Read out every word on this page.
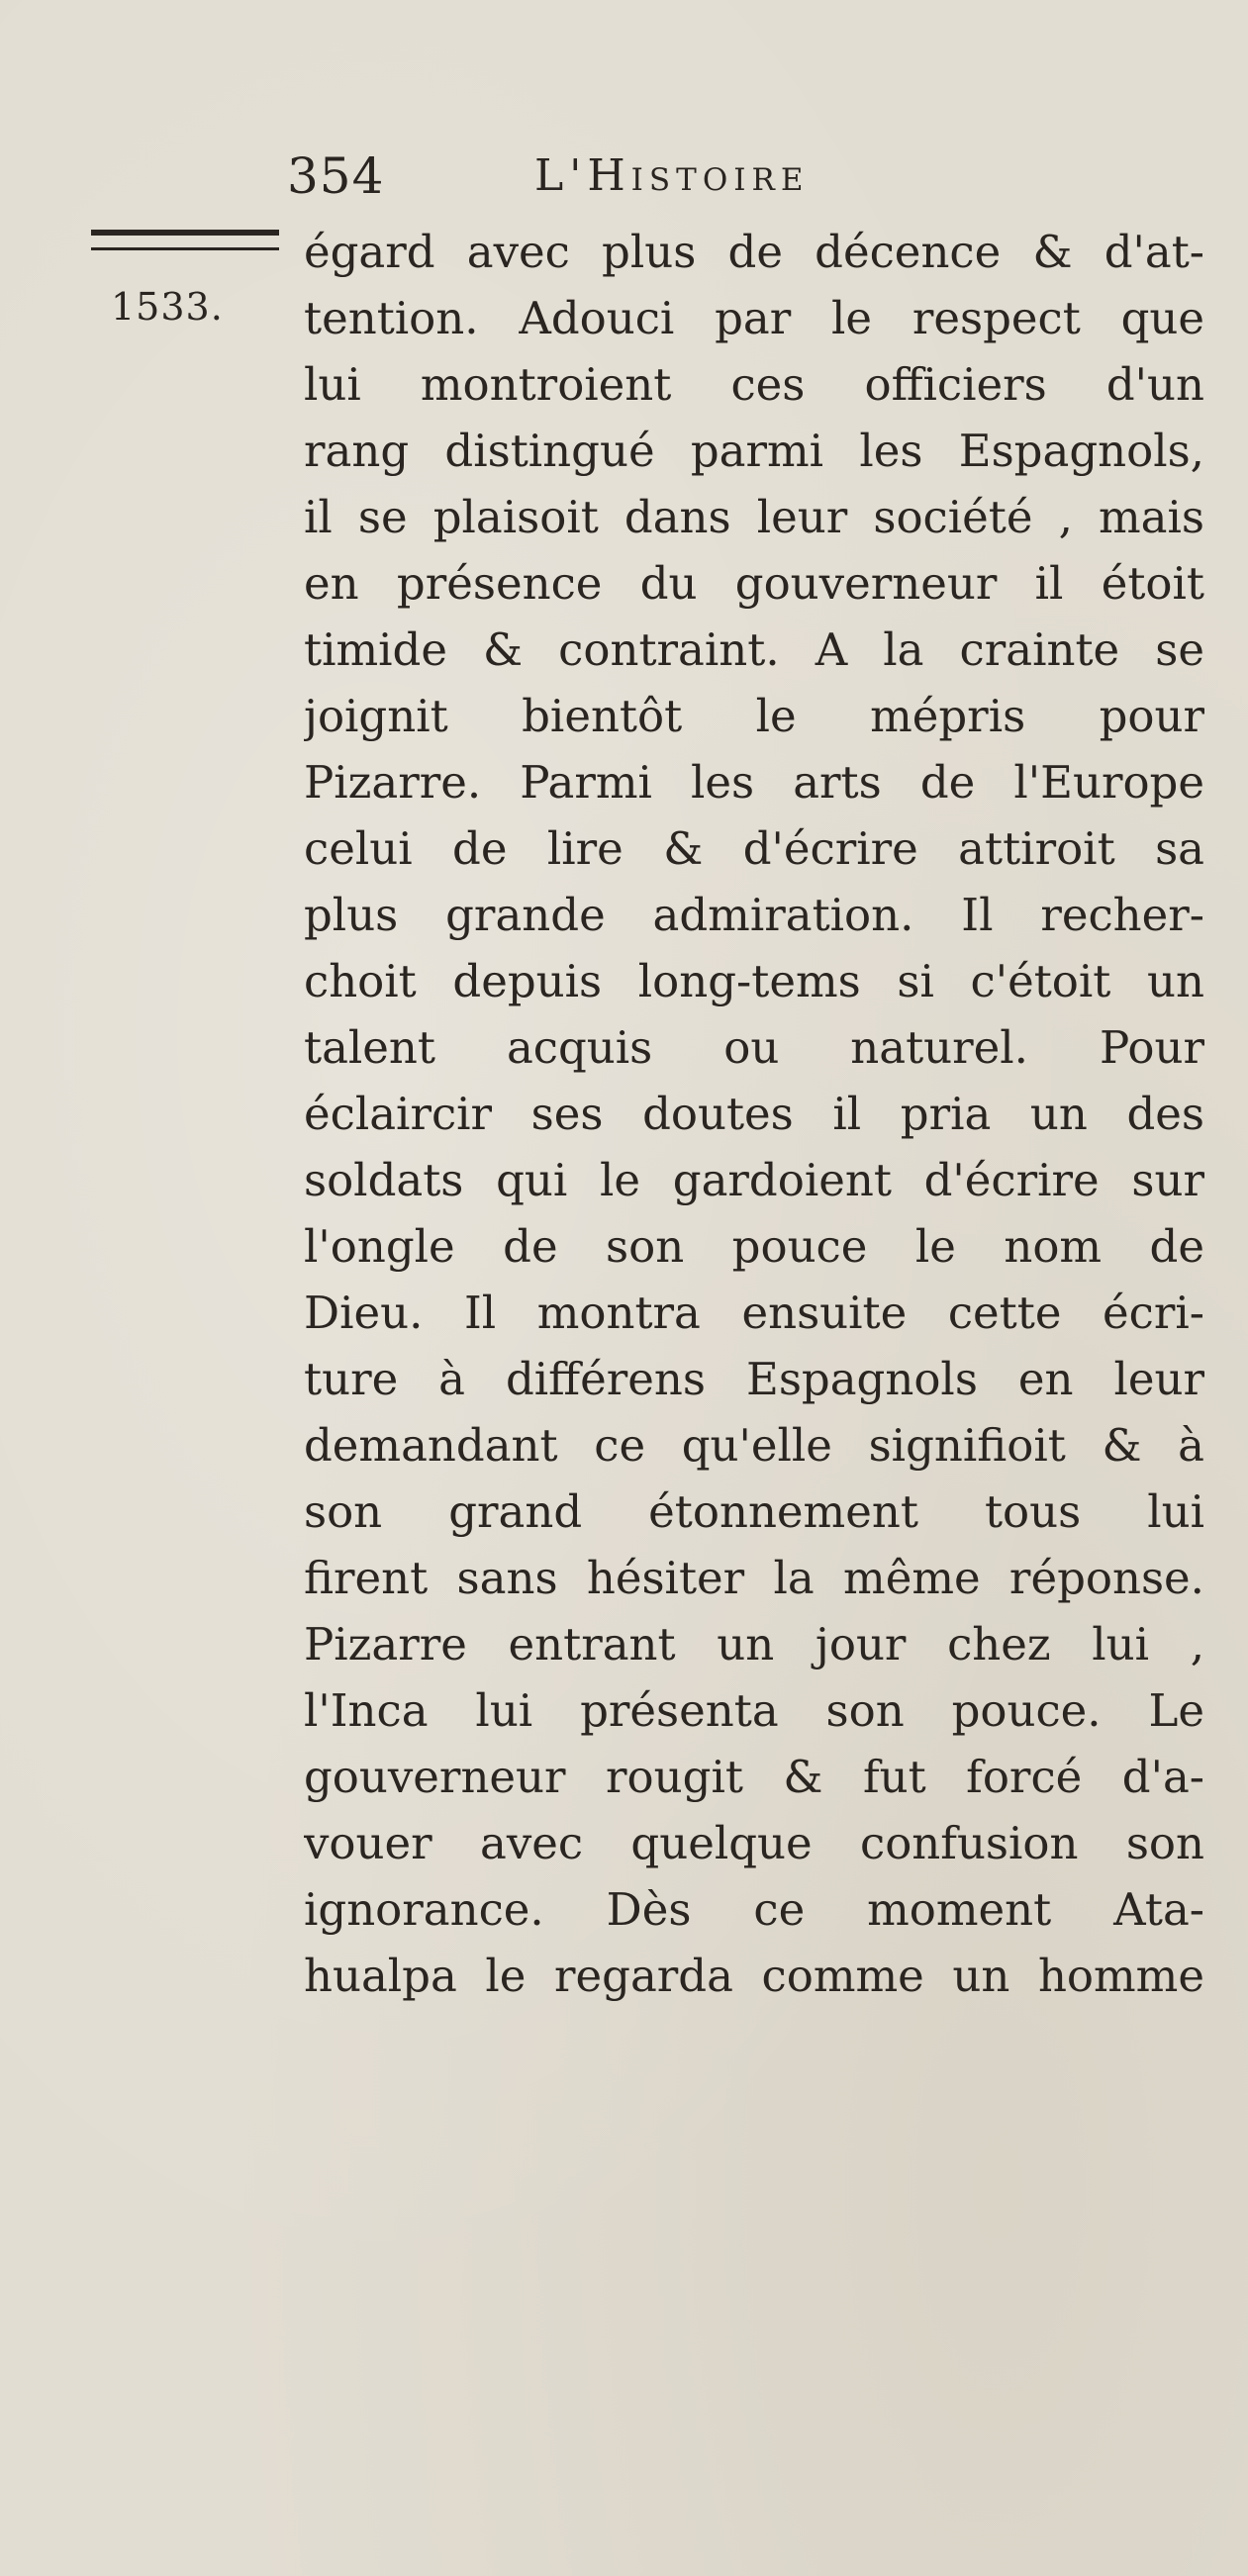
354	L'Histoire
1533.
égard avec plus de décence & d'at-
tention. Adouci par le respect que
lui montroient ces officiers d'un
rang distingué parmi les Espagnols,
il se plaisoit dans leur société , mais
en présence du gouverneur il étoit
timide & contraint. A la crainte se
joignit bientôt le mépris pour
Pizarre. Parmi les arts de l'Europe
celui de lire & d'écrire attiroit sa
plus grande admiration. Il recher-
choit depuis long-tems si c'étoit un
talent acquis ou naturel. Pour
éclaircir ses doutes il pria un des
soldats qui le gardoient d'écrire sur
l'ongle de son pouce le nom de
Dieu. Il montra ensuite cette écri-
ture à différens Espagnols en leur
demandant ce qu'elle signifioit & à
son grand étonnement tous lui
firent sans hésiter la même réponse.
Pizarre entrant un jour chez lui ,
l'Inca lui présenta son pouce. Le
gouverneur rougit & fut forcé d'a-
vouer avec quelque confusion son
ignorance. Dès ce moment Ata-
hualpa le regarda comme un homme
